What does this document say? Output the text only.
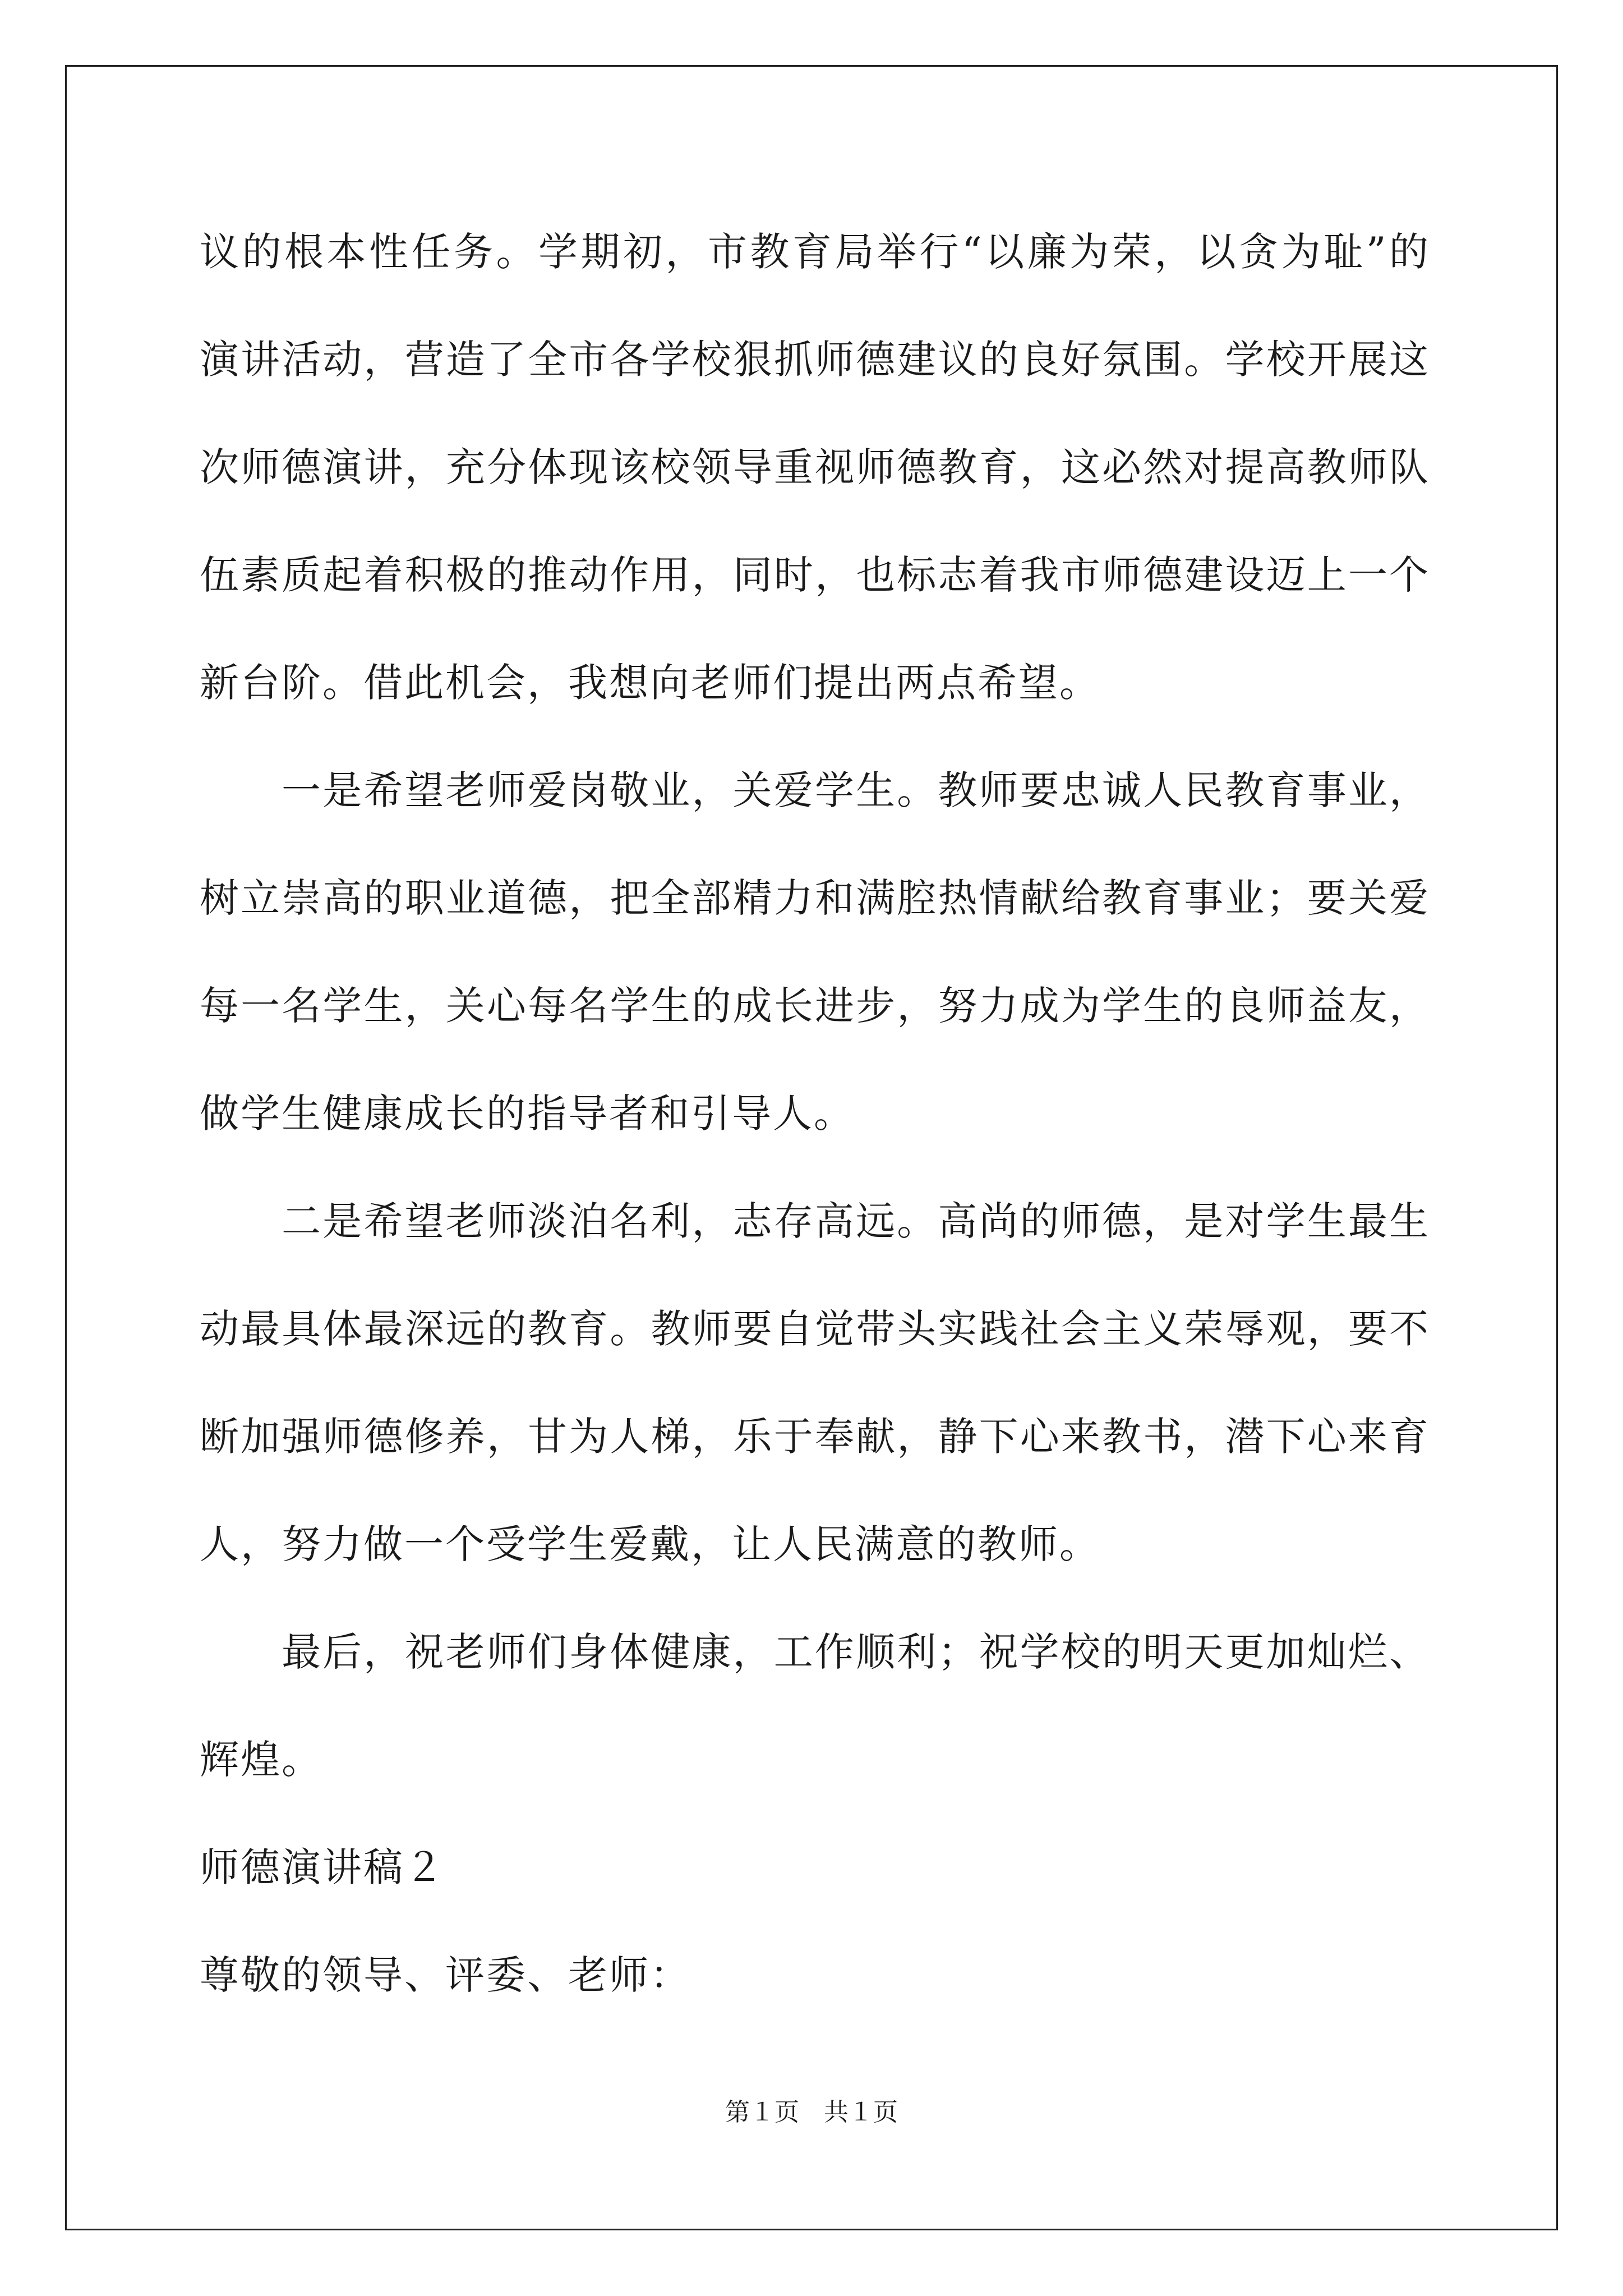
议的根本性任务。学期初，市教育局举行“以廉为荣，以贪为耻”的演讲活动，营造了全市各学校狠抓师德建议的良好氛围。学校开展这次师德演讲，充分体现该校领导重视师德教育，这必然对提高教师队伍素质起着积极的推动作用，同时，也标志着我市师德建设迈上一个新台阶。借此机会，我想向老师们提出两点希望。

一是希望老师爱岗敬业，关爱学生。教师要忠诚人民教育事业，树立崇高的职业道德，把全部精力和满腔热情献给教育事业；要关爱每一名学生，关心每名学生的成长进步，努力成为学生的良师益友，做学生健康成长的指导者和引导人。

二是希望老师淡泊名利，志存高远。高尚的师德，是对学生最生动最具体最深远的教育。教师要自觉带头实践社会主义荣辱观，要不断加强师德修养，甘为人梯，乐于奉献，静下心来教书，潜下心来育人，努力做一个受学生爱戴，让人民满意的教师。

最后，祝老师们身体健康，工作顺利；祝学校的明天更加灿烂、辉煌。

师德演讲稿２

尊敬的领导、评委、老师：

第１页　共１页
